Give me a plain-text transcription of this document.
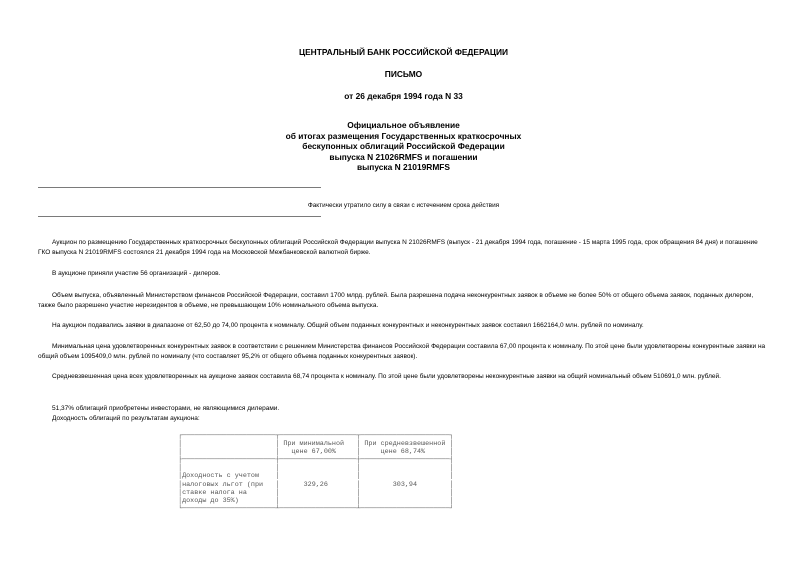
ЦЕНТРАЛЬНЫЙ БАНК РОССИЙСКОЙ ФЕДЕРАЦИИ
ПИСЬМО
от 26 декабря 1994 года N 33
Официальное объявление
об итогах размещения Государственных краткосрочных
бескупонных облигаций Российской Федерации
выпуска N 21026RMFS и погашении
выпуска N 21019RMFS
Фактически утратило силу в связи с истечением срока действия
Аукцион по размещению Государственных краткосрочных бескупонных облигаций Российской Федерации выпуска N 21026RMFS (выпуск - 21 декабря 1994 года, погашение - 15 марта 1995 года, срок обращения 84 дня) и погашение ГКО выпуска N 21019RMFS состоялся 21 декабря 1994 года на Московской Межбанковской валютной бирже.
В аукционе приняли участие 56 организаций - дилеров.
Объем выпуска, объявленный Министерством финансов Российской Федерации, составил 1700 млрд. рублей. Была разрешена подача неконкурентных заявок в объеме не более 50% от общего объема заявок, поданных дилером, также было разрешено участие нерезидентов в объеме, не превышающем 10% номинального объема выпуска.
На аукцион подавались заявки в диапазоне от 62,50 до 74,00 процента к номиналу. Общий объем поданных конкурентных и неконкурентных заявок составил 1662164,0 млн. рублей по номиналу.
Минимальная цена удовлетворенных конкурентных заявок в соответствии с решением Министерства финансов Российской Федерации составила 67,00 процента к номиналу. По этой цене были удовлетворены конкурентные заявки на общий объем 1095409,0 млн. рублей по номиналу (что составляет 95,2% от общего объема поданных конкурентных заявок).
Средневзвешенная цена всех удовлетворенных на аукционе заявок составила 68,74 процента к номиналу. По этой цене были удовлетворены неконкурентные заявки на общий номинальный объем 510691,0 млн. рублей.
51,37% облигаций приобретены инвесторами, не являющимися дилерами.
Доходность облигаций по результатам аукциона:
┌───────────────────────┬───────────────────┬──────────────────────┐
│                       │ При минимальной   │ При средневзвешенной │
│                       │   цене 67,00%     │     цене 68,74%	│
├───────────────────────┼───────────────────┼──────────────────────┤
│                       │                   │                      │
│Доходность с учетом    │                   │                      │
│налоговых льгот (при   │      329,26       │        303,94	│
│ставке налога на	│                   │                      │
│доходы до 35%)	│                   │                      │
└───────────────────────┴───────────────────┴──────────────────────┘
